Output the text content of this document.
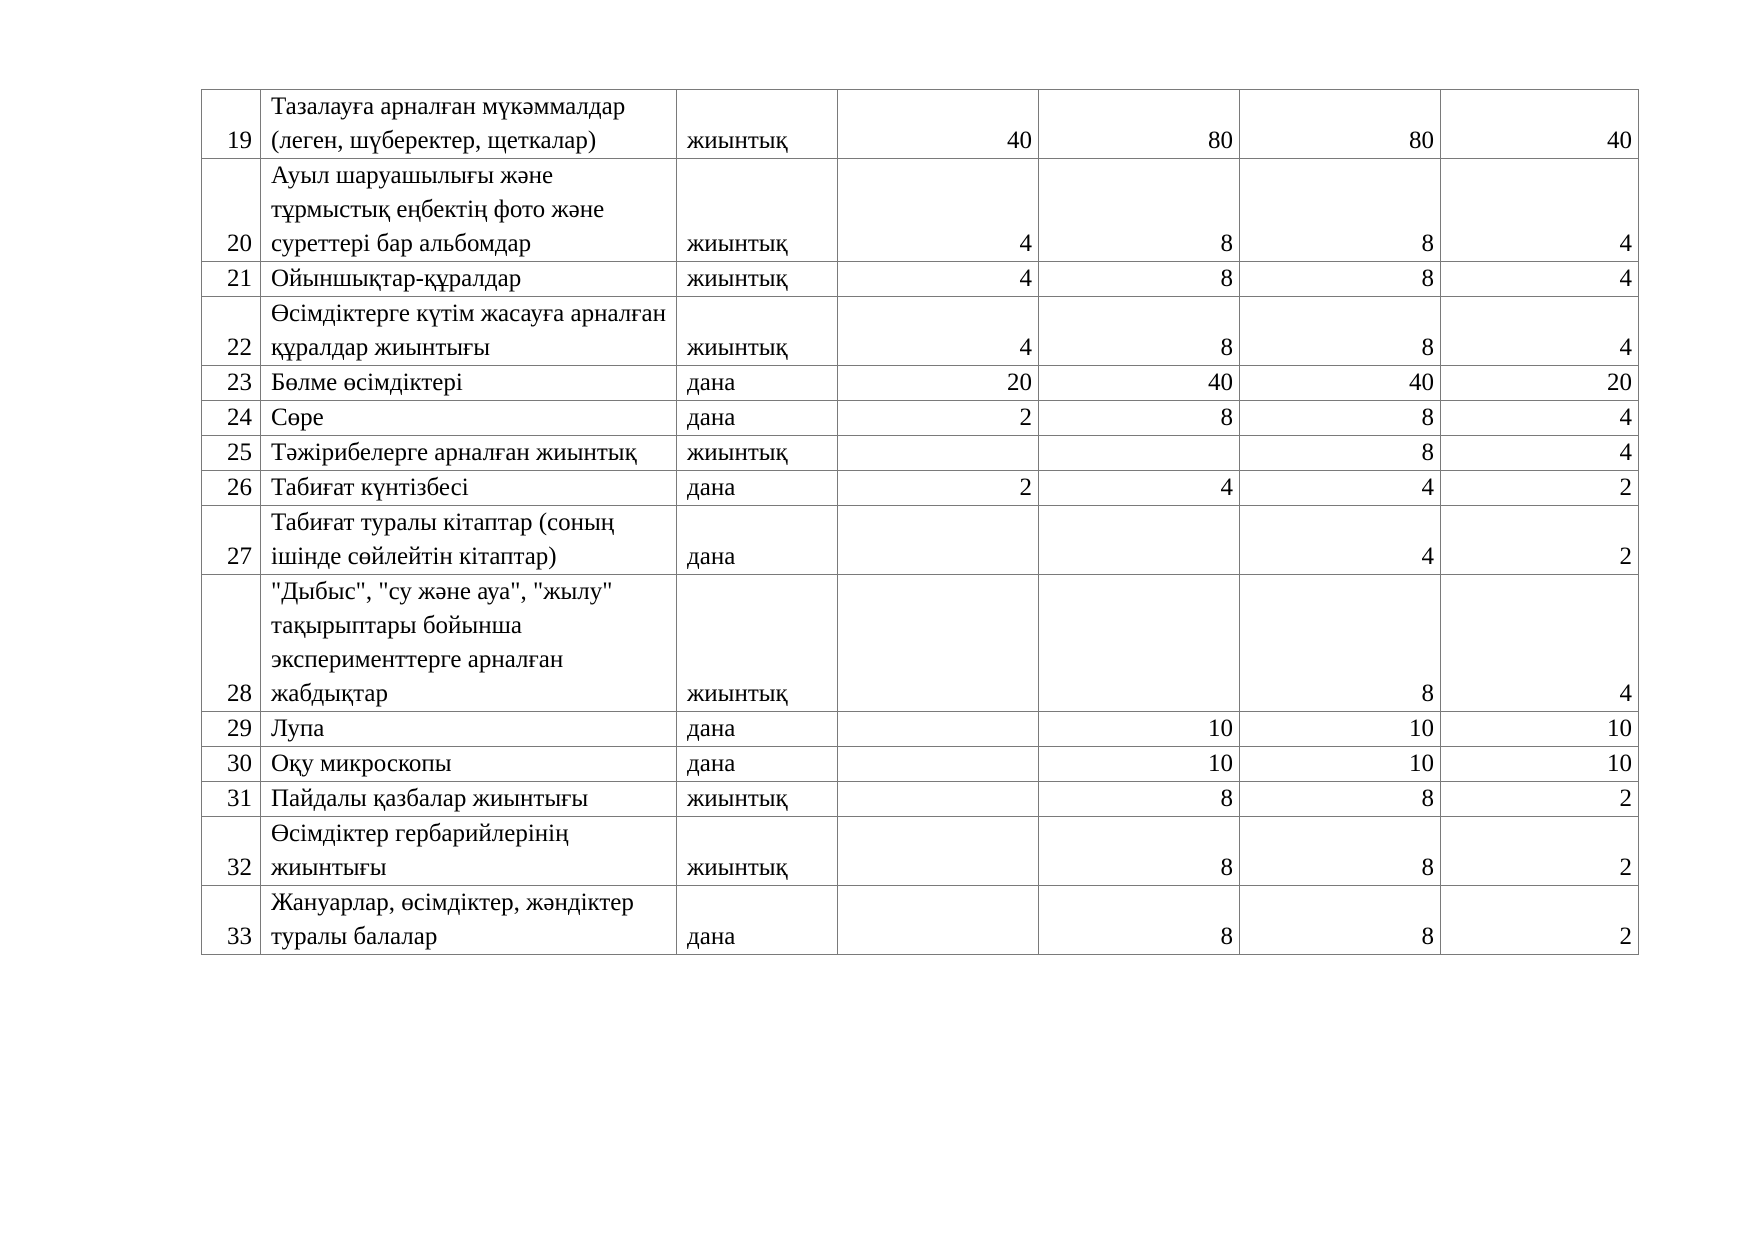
19	Тазалауға арналған мүкәммалдар (леген, шүберектер, щеткалар)	жиынтық	40	80	80	40
20	Ауыл шаруашылығы және тұрмыстық еңбектің фото және суреттері бар альбомдар	жиынтық	4	8	8	4
21	Ойыншықтар-құралдар	жиынтық	4	8	8	4
22	Өсімдіктерге күтім жасауға арналған құралдар жиынтығы	жиынтық	4	8	8	4
23	Бөлме өсімдіктері	дана	20	40	40	20
24	Сөре	дана	2	8	8	4
25	Тәжірибелерге арналған жиынтық	жиынтық			8	4
26	Табиғат күнтізбесі	дана	2	4	4	2
27	Табиғат туралы кітаптар (соның ішінде сөйлейтін кітаптар)	дана			4	2
28	"Дыбыс", "су және ауа", "жылу" тақырыптары бойынша эксперименттерге арналған жабдықтар	жиынтық			8	4
29	Лупа	дана		10	10	10
30	Оқу микроскопы	дана		10	10	10
31	Пайдалы қазбалар жиынтығы	жиынтық		8	8	2
32	Өсімдіктер гербарийлерінің жиынтығы	жиынтық		8	8	2
33	Жануарлар, өсімдіктер, жәндіктер туралы балалар	дана		8	8	2
